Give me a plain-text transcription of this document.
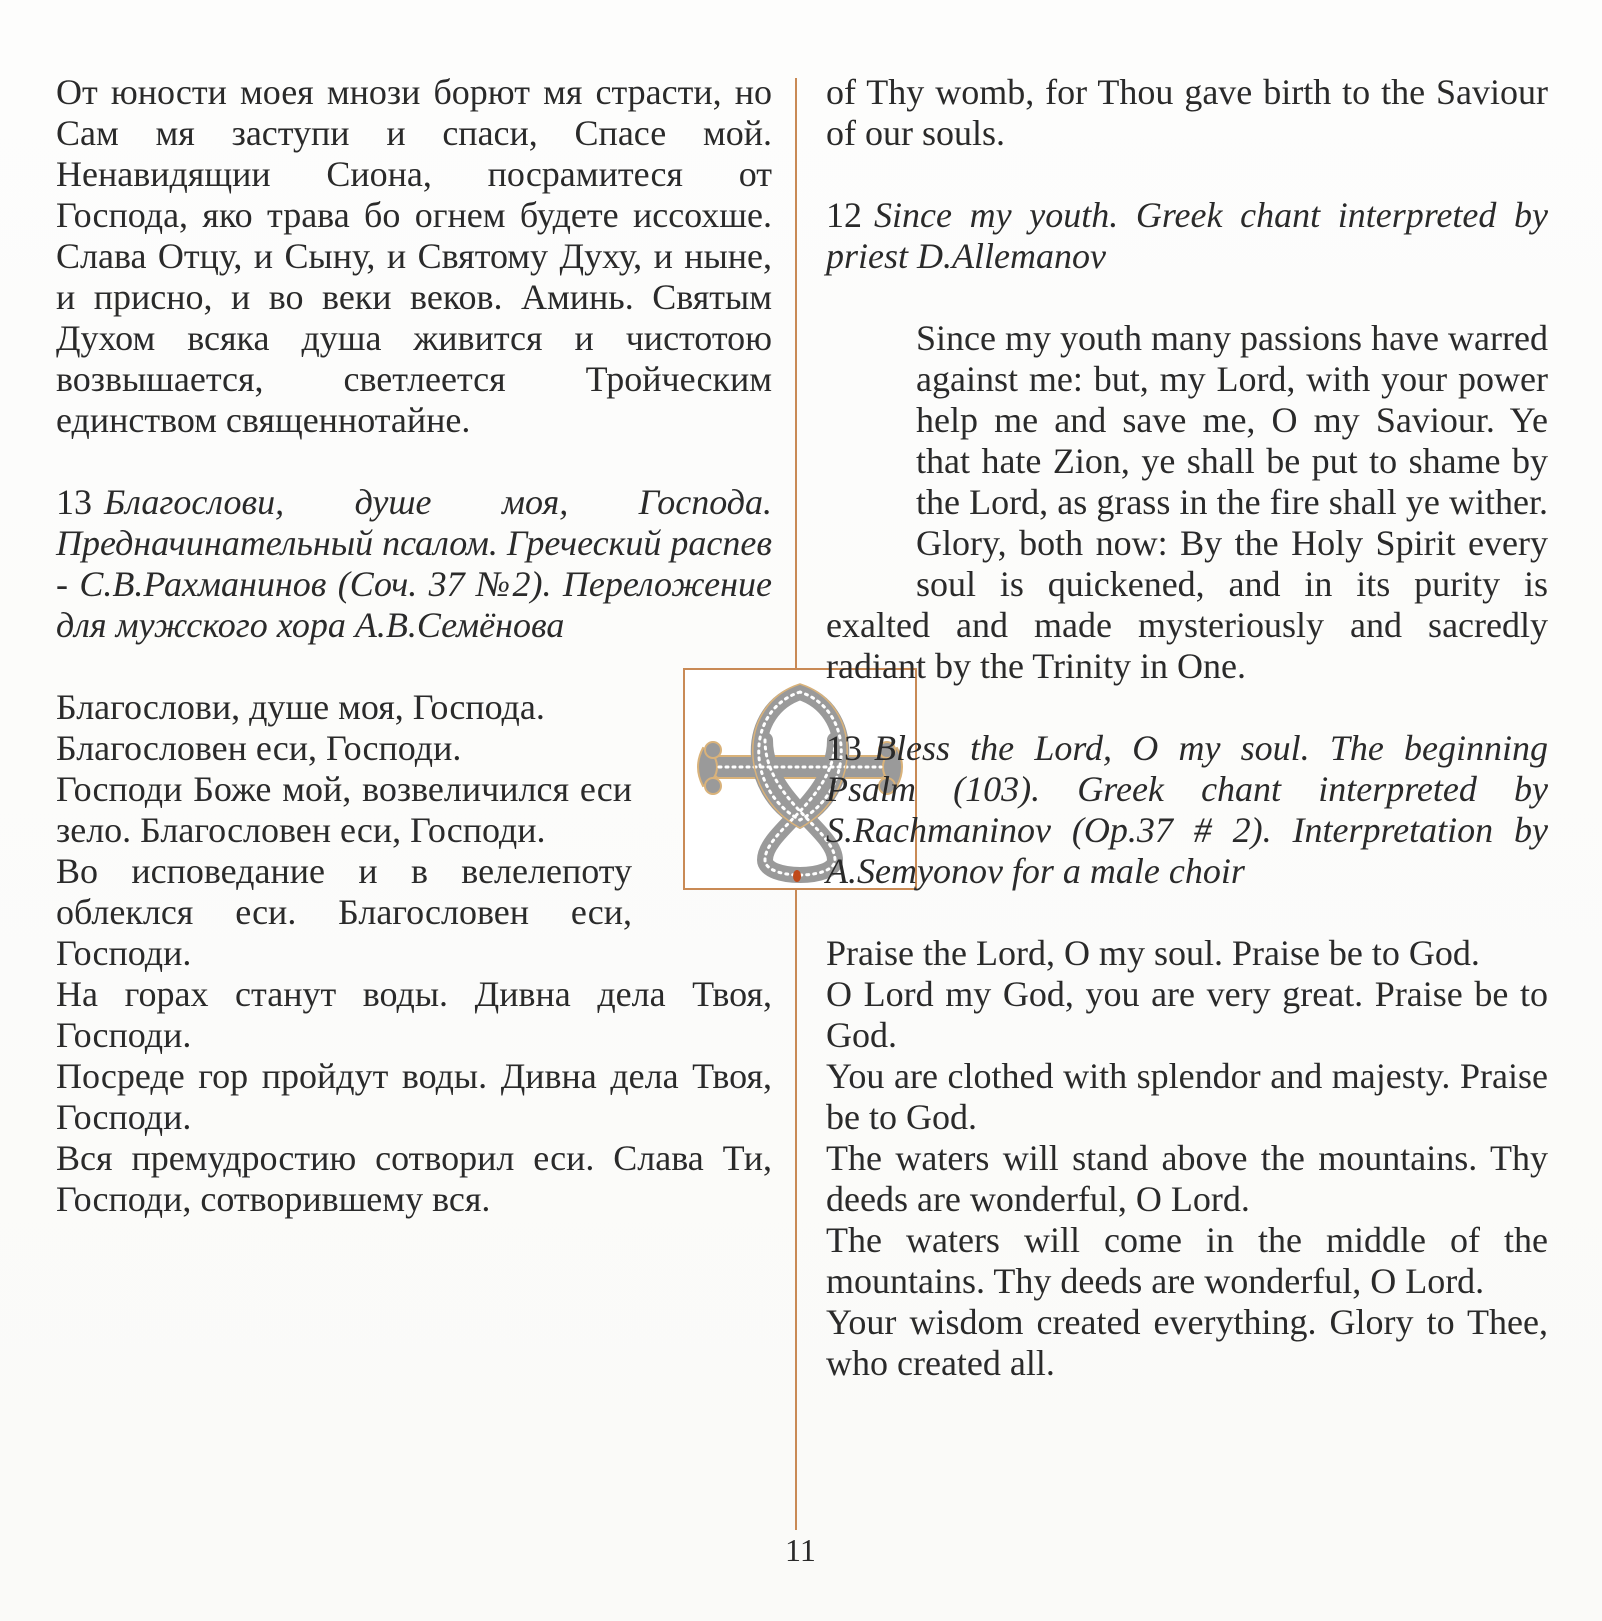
От юности моея мнози борют мя страсти, но Сам мя заступи и спаси, Спасе мой. Ненавидящии Сиона, посрамитеся от Господа, яко трава бо огнем будете иссохше. Слава Отцу, и Сыну, и Святому Духу, и ныне, и присно, и во веки веков. Аминь. Святым Духом всяка душа живится и чистотою возвышается, светлеется Тройческим единством священнотайне.

13 Благослови, душе моя, Господа. Предначинательный псалом. Греческий распев - С.В.Рахманинов (Соч. 37 №2). Переложение для мужского хора А.В.Семёнова

Благослови, душе моя, Господа.

Благословен еси, Господи.

Господи Боже мой, возвеличился еси зело. Благословен еси, Господи.

Во исповедание и в велелепоту облеклся еси. Благословен еси, Господи.

На горах станут воды. Дивна дела Твоя, Господи.

Посреде гор пройдут воды. Дивна дела Твоя, Господи.

Вся премудростию сотворил еси. Слава Ти, Господи, сотворившему вся.

of Thy womb, for Thou gave birth to the Saviour of our souls.

12 Since my youth. Greek chant interpreted by priest D.Allemanov

Since my youth many passions have warred against me: but, my Lord, with your power help me and save me, O my Saviour. Ye that hate Zion, ye shall be put to shame by the Lord, as grass in the fire shall ye wither. Glory, both now: By the Holy Spirit every soul is quickened, and in its purity is exalted and made mysteriously and sacredly radiant by the Trinity in One.

13 Bless the Lord, O my soul. The beginning Psalm (103). Greek chant interpreted by S.Rachmaninov (Op.37 # 2). Interpretation by A.Semyonov for a male choir

Praise the Lord, O my soul. Praise be to God.

O Lord my God, you are very great. Praise be to God.

You are clothed with splendor and majesty. Praise be to God.

The waters will stand above the mountains. Thy deeds are wonderful, O Lord.

The waters will come in the middle of the mountains. Thy deeds are wonderful, O Lord.

Your wisdom created everything. Glory to Thee, who created all.

11
